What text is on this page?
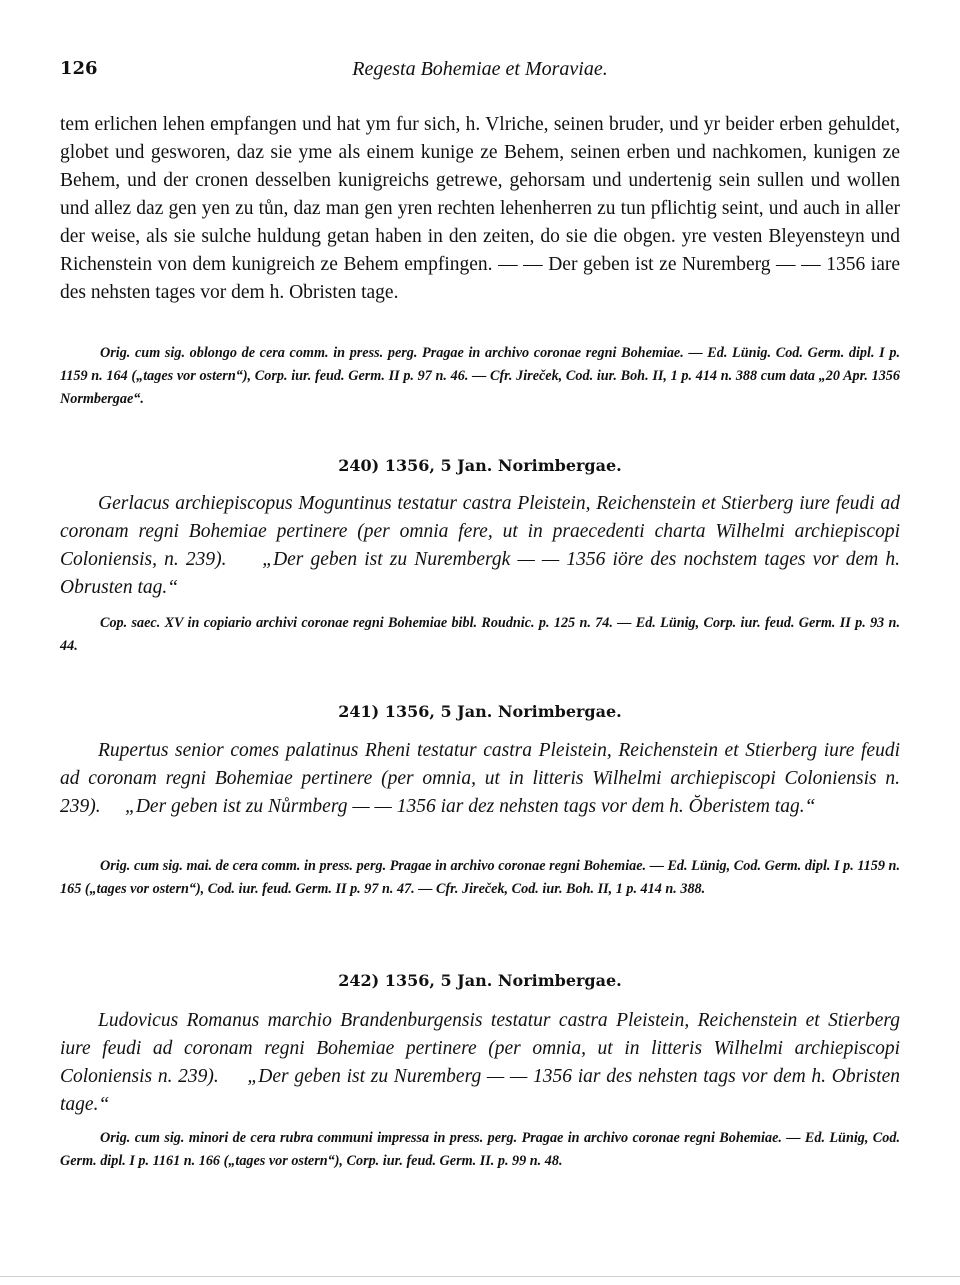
126	Regesta Bohemiae et Moraviae.
tem erlichen lehen empfangen und hat ym fur sich, h. Vlriche, seinen bruder, und yr beider erben gehuldet, globet und gesworen, daz sie yme als einem kunige ze Behem, seinen erben und nachkomen, kunigen ze Behem, und der cronen desselben kunigreichs getrewe, gehorsam und undertenig sein sullen und wollen und allez daz gen yen zu tůn, daz man gen yren rechten lehenherren zu tun pflichtig seint, und auch in aller der weise, als sie sulche huldung getan haben in den zeiten, do sie die obgen. yre vesten Bleyensteyn und Richenstein von dem kunigreich ze Behem empfingen. — — Der geben ist ze Nuremberg — — 1356 iare des nehsten tages vor dem h. Obristen tage.
Orig. cum sig. oblongo de cera comm. in press. perg. Pragae in archivo coronae regni Bohemiae. — Ed. Lünig. Cod. Germ. dipl. I p. 1159 n. 164 („tages vor ostern“), Corp. iur. feud. Germ. II p. 97 n. 46. — Cfr. Jireček, Cod. iur. Boh. II, 1 p. 414 n. 388 cum data „20 Apr. 1356 Normbergae“.
240) 1356, 5 Jan. Norimbergae.
Gerlacus archiepiscopus Moguntinus testatur castra Pleistein, Reichenstein et Stierberg iure feudi ad coronam regni Bohemiae pertinere (per omnia fere, ut in praecedenti charta Wilhelmi archiepiscopi Coloniensis, n. 239). „Der geben ist zu Nurembergk — — 1356 iöre des nochstem tages vor dem h. Obrusten tag.“
Cop. saec. XV in copiario archivi coronae regni Bohemiae bibl. Roudnic. p. 125 n. 74. — Ed. Lünig, Corp. iur. feud. Germ. II p. 93 n. 44.
241) 1356, 5 Jan. Norimbergae.
Rupertus senior comes palatinus Rheni testatur castra Pleistein, Reichenstein et Stierberg iure feudi ad coronam regni Bohemiae pertinere (per omnia, ut in litteris Wilhelmi archiepiscopi Coloniensis n. 239). „Der geben ist zu Nůrmberg — — 1356 iar dez nehsten tags vor dem h. Ŏberistem tag.“
Orig. cum sig. mai. de cera comm. in press. perg. Pragae in archivo coronae regni Bohemiae. — Ed. Lünig, Cod. Germ. dipl. I p. 1159 n. 165 („tages vor ostern“), Cod. iur. feud. Germ. II p. 97 n. 47. — Cfr. Jireček, Cod. iur. Boh. II, 1 p. 414 n. 388.
242) 1356, 5 Jan. Norimbergae.
Ludovicus Romanus marchio Brandenburgensis testatur castra Pleistein, Reichenstein et Stierberg iure feudi ad coronam regni Bohemiae pertinere (per omnia, ut in litteris Wilhelmi archiepiscopi Coloniensis n. 239). „Der geben ist zu Nuremberg — — 1356 iar des nehsten tags vor dem h. Obristen tage.“
Orig. cum sig. minori de cera rubra communi impressa in press. perg. Pragae in archivo coronae regni Bohemiae. — Ed. Lünig, Cod. Germ. dipl. I p. 1161 n. 166 („tages vor ostern“), Corp. iur. feud. Germ. II. p. 99 n. 48.
